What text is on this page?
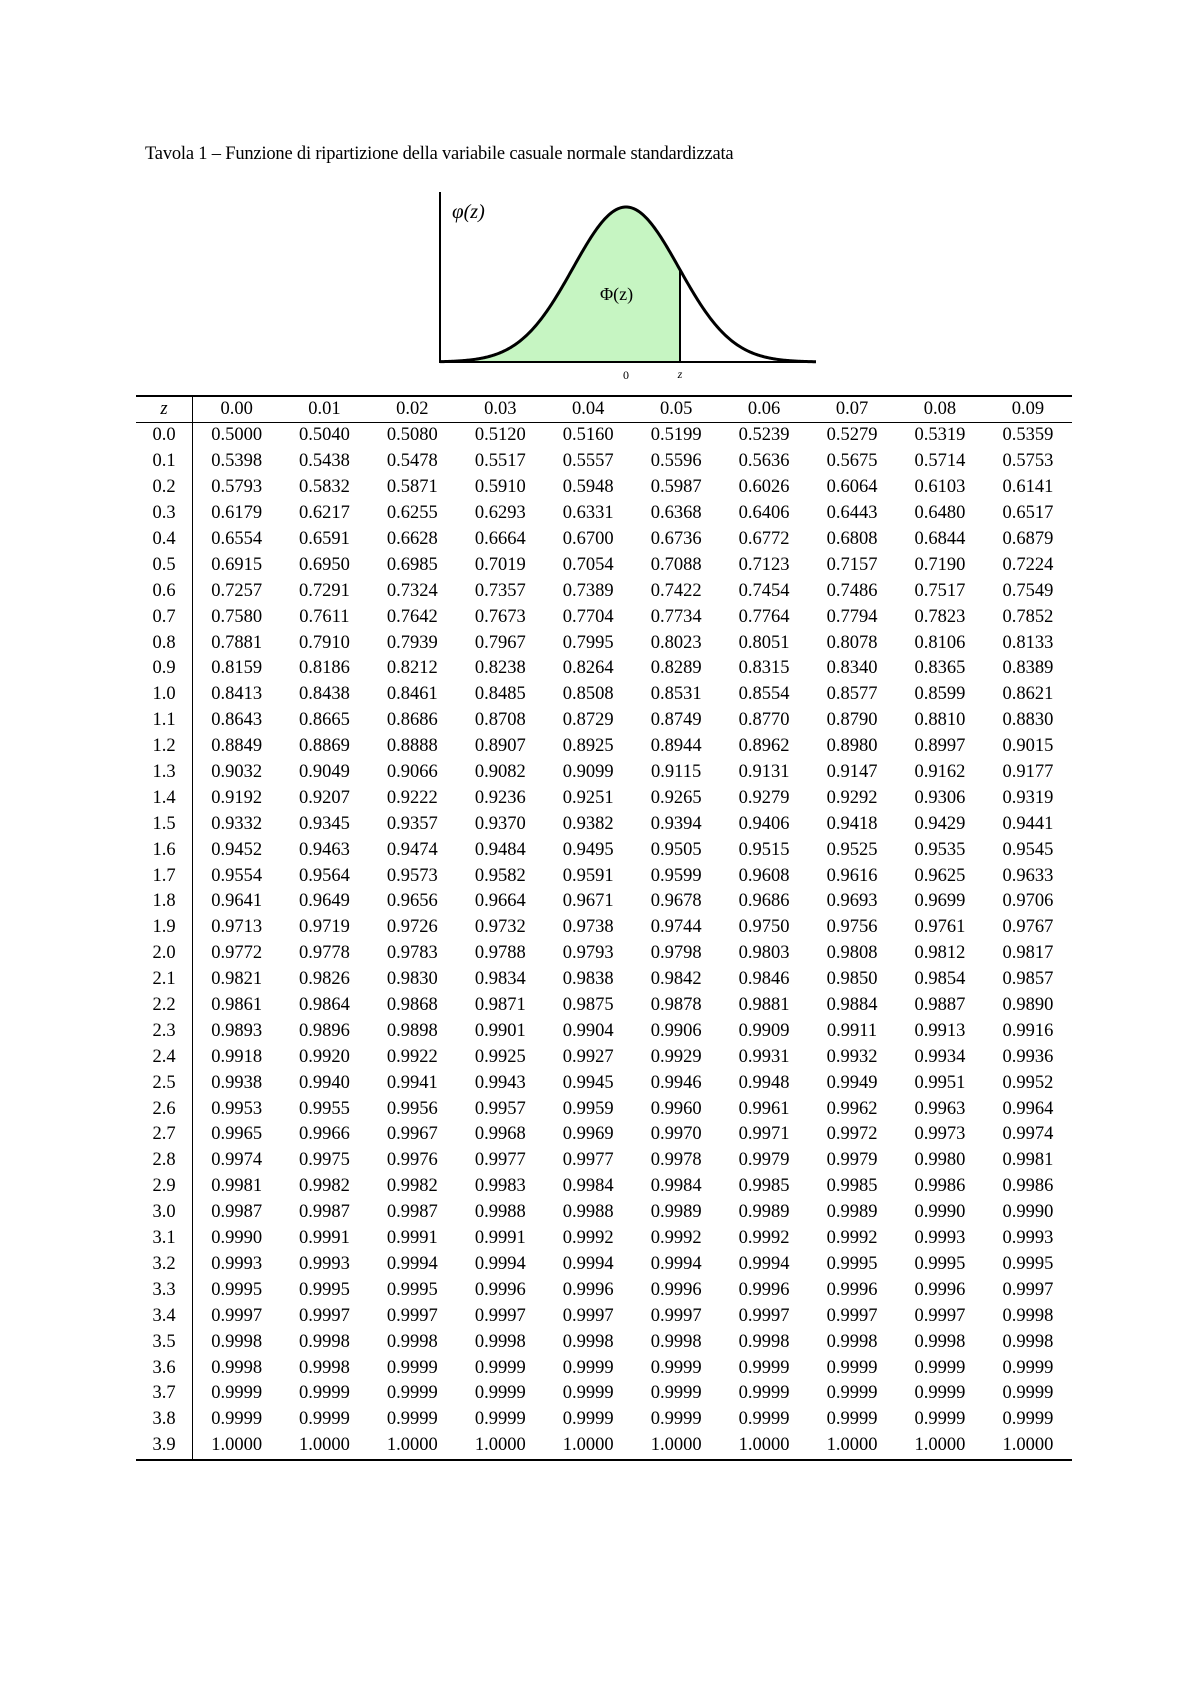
Tavola 1 – Funzione di ripartizione della variabile casuale normale standardizzata
φ(z)
Φ(z)
0	z
z	0.00	0.01	0.02	0.03	0.04	0.05	0.06	0.07	0.08	0.09
0.0	0.5000	0.5040	0.5080	0.5120	0.5160	0.5199	0.5239	0.5279	0.5319	0.5359
0.1	0.5398	0.5438	0.5478	0.5517	0.5557	0.5596	0.5636	0.5675	0.5714	0.5753
0.2	0.5793	0.5832	0.5871	0.5910	0.5948	0.5987	0.6026	0.6064	0.6103	0.6141
0.3	0.6179	0.6217	0.6255	0.6293	0.6331	0.6368	0.6406	0.6443	0.6480	0.6517
0.4	0.6554	0.6591	0.6628	0.6664	0.6700	0.6736	0.6772	0.6808	0.6844	0.6879
0.5	0.6915	0.6950	0.6985	0.7019	0.7054	0.7088	0.7123	0.7157	0.7190	0.7224
0.6	0.7257	0.7291	0.7324	0.7357	0.7389	0.7422	0.7454	0.7486	0.7517	0.7549
0.7	0.7580	0.7611	0.7642	0.7673	0.7704	0.7734	0.7764	0.7794	0.7823	0.7852
0.8	0.7881	0.7910	0.7939	0.7967	0.7995	0.8023	0.8051	0.8078	0.8106	0.8133
0.9	0.8159	0.8186	0.8212	0.8238	0.8264	0.8289	0.8315	0.8340	0.8365	0.8389
1.0	0.8413	0.8438	0.8461	0.8485	0.8508	0.8531	0.8554	0.8577	0.8599	0.8621
1.1	0.8643	0.8665	0.8686	0.8708	0.8729	0.8749	0.8770	0.8790	0.8810	0.8830
1.2	0.8849	0.8869	0.8888	0.8907	0.8925	0.8944	0.8962	0.8980	0.8997	0.9015
1.3	0.9032	0.9049	0.9066	0.9082	0.9099	0.9115	0.9131	0.9147	0.9162	0.9177
1.4	0.9192	0.9207	0.9222	0.9236	0.9251	0.9265	0.9279	0.9292	0.9306	0.9319
1.5	0.9332	0.9345	0.9357	0.9370	0.9382	0.9394	0.9406	0.9418	0.9429	0.9441
1.6	0.9452	0.9463	0.9474	0.9484	0.9495	0.9505	0.9515	0.9525	0.9535	0.9545
1.7	0.9554	0.9564	0.9573	0.9582	0.9591	0.9599	0.9608	0.9616	0.9625	0.9633
1.8	0.9641	0.9649	0.9656	0.9664	0.9671	0.9678	0.9686	0.9693	0.9699	0.9706
1.9	0.9713	0.9719	0.9726	0.9732	0.9738	0.9744	0.9750	0.9756	0.9761	0.9767
2.0	0.9772	0.9778	0.9783	0.9788	0.9793	0.9798	0.9803	0.9808	0.9812	0.9817
2.1	0.9821	0.9826	0.9830	0.9834	0.9838	0.9842	0.9846	0.9850	0.9854	0.9857
2.2	0.9861	0.9864	0.9868	0.9871	0.9875	0.9878	0.9881	0.9884	0.9887	0.9890
2.3	0.9893	0.9896	0.9898	0.9901	0.9904	0.9906	0.9909	0.9911	0.9913	0.9916
2.4	0.9918	0.9920	0.9922	0.9925	0.9927	0.9929	0.9931	0.9932	0.9934	0.9936
2.5	0.9938	0.9940	0.9941	0.9943	0.9945	0.9946	0.9948	0.9949	0.9951	0.9952
2.6	0.9953	0.9955	0.9956	0.9957	0.9959	0.9960	0.9961	0.9962	0.9963	0.9964
2.7	0.9965	0.9966	0.9967	0.9968	0.9969	0.9970	0.9971	0.9972	0.9973	0.9974
2.8	0.9974	0.9975	0.9976	0.9977	0.9977	0.9978	0.9979	0.9979	0.9980	0.9981
2.9	0.9981	0.9982	0.9982	0.9983	0.9984	0.9984	0.9985	0.9985	0.9986	0.9986
3.0	0.9987	0.9987	0.9987	0.9988	0.9988	0.9989	0.9989	0.9989	0.9990	0.9990
3.1	0.9990	0.9991	0.9991	0.9991	0.9992	0.9992	0.9992	0.9992	0.9993	0.9993
3.2	0.9993	0.9993	0.9994	0.9994	0.9994	0.9994	0.9994	0.9995	0.9995	0.9995
3.3	0.9995	0.9995	0.9995	0.9996	0.9996	0.9996	0.9996	0.9996	0.9996	0.9997
3.4	0.9997	0.9997	0.9997	0.9997	0.9997	0.9997	0.9997	0.9997	0.9997	0.9998
3.5	0.9998	0.9998	0.9998	0.9998	0.9998	0.9998	0.9998	0.9998	0.9998	0.9998
3.6	0.9998	0.9998	0.9999	0.9999	0.9999	0.9999	0.9999	0.9999	0.9999	0.9999
3.7	0.9999	0.9999	0.9999	0.9999	0.9999	0.9999	0.9999	0.9999	0.9999	0.9999
3.8	0.9999	0.9999	0.9999	0.9999	0.9999	0.9999	0.9999	0.9999	0.9999	0.9999
3.9	1.0000	1.0000	1.0000	1.0000	1.0000	1.0000	1.0000	1.0000	1.0000	1.0000
